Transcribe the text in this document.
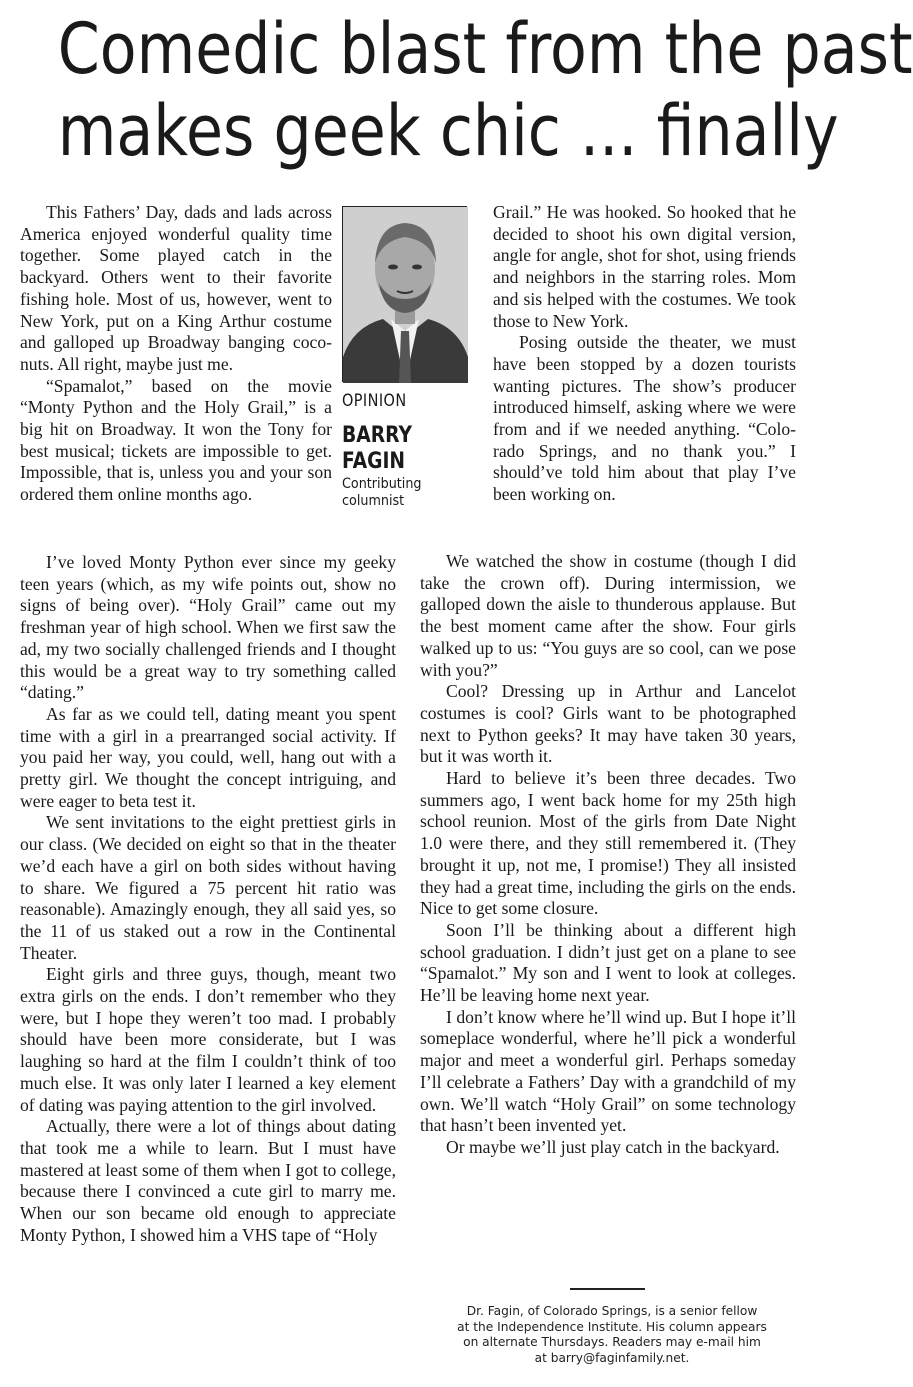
Comedic blast from the past
makes geek chic ... finally

This Fathers’ Day, dads and lads across America enjoyed wonderful quality time together. Some played catch in the backyard. Others went to their favorite fishing hole. Most of us, however, went to New York, put on a King Arthur costume and galloped up Broadway banging coconuts. All right, maybe just me.

“Spamalot,” based on the movie “Monty Python and the Holy Grail,” is a big hit on Broadway. It won the Tony for best musical; tickets are impossible to get. Impossible, that is, unless you and your son ordered them online months ago.

OPINION
BARRY
FAGIN
Contributing
columnist

I’ve loved Monty Python ever since my geeky teen years (which, as my wife points out, show no signs of being over). “Holy Grail” came out my freshman year of high school. When we first saw the ad, my two socially challenged friends and I thought this would be a great way to try something called “dating.”

As far as we could tell, dating meant you spent time with a girl in a prearranged social activity. If you paid her way, you could, well, hang out with a pretty girl. We thought the concept intriguing, and were eager to beta test it.

We sent invitations to the eight prettiest girls in our class. (We decided on eight so that in the theater we’d each have a girl on both sides without having to share. We figured a 75 percent hit ratio was reasonable). Amazingly enough, they all said yes, so the 11 of us staked out a row in the Continental Theater.

Eight girls and three guys, though, meant two extra girls on the ends. I don’t remember who they were, but I hope they weren’t too mad. I probably should have been more considerate, but I was laughing so hard at the film I couldn’t think of too much else. It was only later I learned a key element of dating was paying attention to the girl involved.

Actually, there were a lot of things about dating that took me a while to learn. But I must have mastered at least some of them when I got to college, because there I convinced a cute girl to marry me. When our son became old enough to appreciate Monty Python, I showed him a VHS tape of “Holy

Grail.” He was hooked. So hooked that he decided to shoot his own digital version, angle for angle, shot for shot, using friends and neighbors in the starring roles. Mom and sis helped with the costumes. We took those to New York.

Posing outside the theater, we must have been stopped by a dozen tourists wanting pictures. The show’s producer introduced himself, asking where we were from and if we needed anything. “Colorado Springs, and no thank you.” I should’ve told him about that play I’ve been working on.

We watched the show in costume (though I did take the crown off). During intermission, we galloped down the aisle to thunderous applause. But the best moment came after the show. Four girls walked up to us: “You guys are so cool, can we pose with you?”

Cool? Dressing up in Arthur and Lancelot costumes is cool? Girls want to be photographed next to Python geeks? It may have taken 30 years, but it was worth it.

Hard to believe it’s been three decades. Two summers ago, I went back home for my 25th high school reunion. Most of the girls from Date Night 1.0 were there, and they still remembered it. (They brought it up, not me, I promise!) They all insisted they had a great time, including the girls on the ends. Nice to get some closure.

Soon I’ll be thinking about a different high school graduation. I didn’t just get on a plane to see “Spamalot.” My son and I went to look at colleges. He’ll be leaving home next year.

I don’t know where he’ll wind up. But I hope it’ll someplace wonderful, where he’ll pick a wonderful major and meet a wonderful girl. Perhaps someday I’ll celebrate a Fathers’ Day with a grandchild of my own. We’ll watch “Holy Grail” on some technology that hasn’t been invented yet.

Or maybe we’ll just play catch in the backyard.

Dr. Fagin, of Colorado Springs, is a senior fellow
at the Independence Institute. His column appears
on alternate Thursdays. Readers may e-mail him
at barry@faginfamily.net.
